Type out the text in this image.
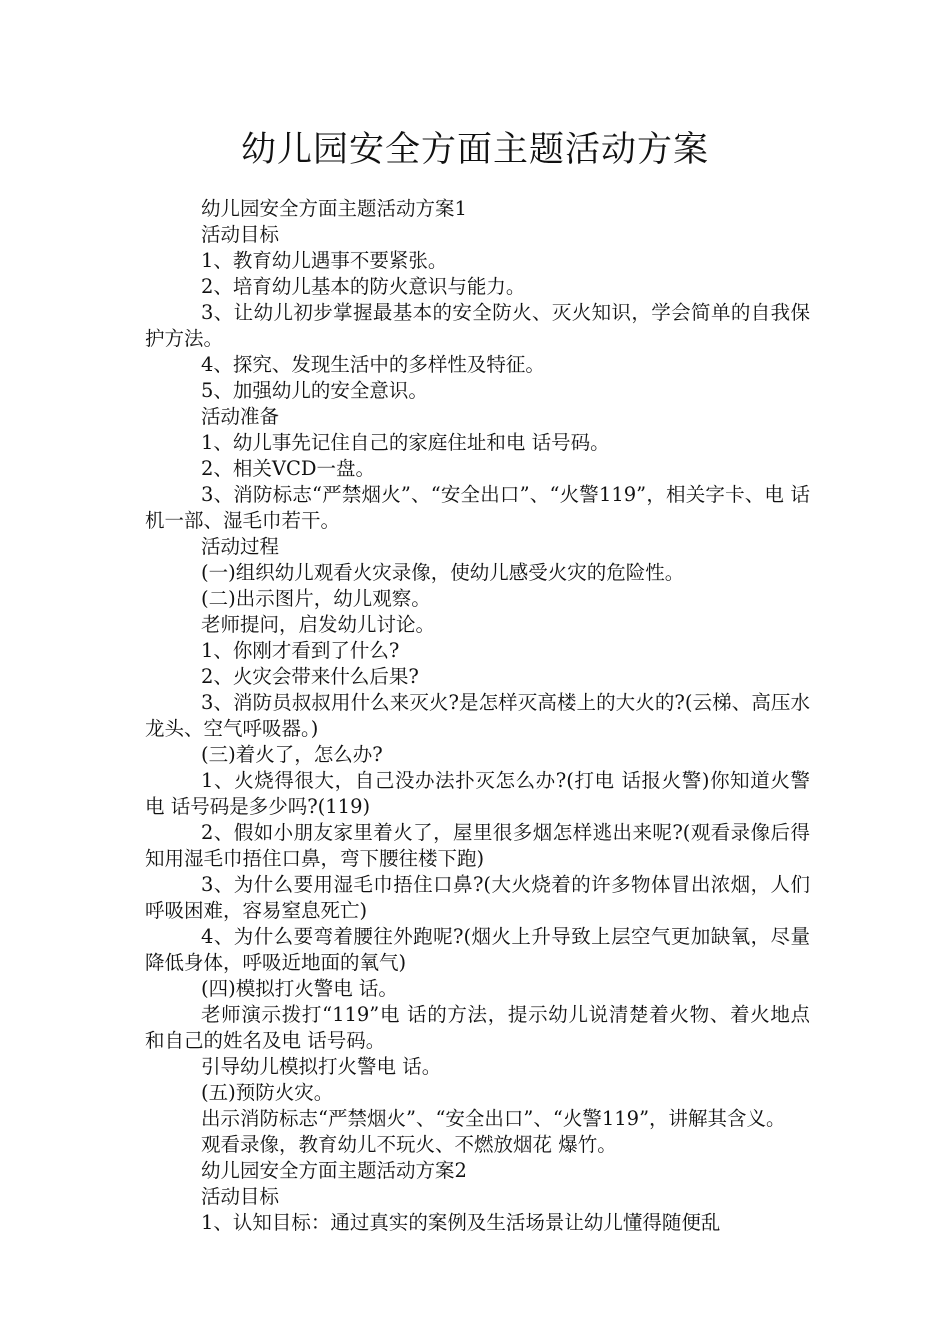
幼儿园安全方面主题活动方案

幼儿园安全方面主题活动方案1

活动目标

1、教育幼儿遇事不要紧张。

2、培育幼儿基本的防火意识与能力。

3、让幼儿初步掌握最基本的安全防火、灭火知识，学会简单的自我保护方法。

4、探究、发现生活中的多样性及特征。

5、加强幼儿的安全意识。

活动准备

1、幼儿事先记住自己的家庭住址和电 话号码。

2、相关VCD一盘。

3、消防标志“严禁烟火”、“安全出口”、“火警119”，相关字卡、电 话机一部、湿毛巾若干。

活动过程

(一)组织幼儿观看火灾录像，使幼儿感受火灾的危险性。

(二)出示图片，幼儿观察。

老师提问，启发幼儿讨论。

1、你刚才看到了什么?

2、火灾会带来什么后果?

3、消防员叔叔用什么来灭火?是怎样灭高楼上的大火的?(云梯、高压水龙头、空气呼吸器。)

(三)着火了，怎么办?

1、火烧得很大，自己没办法扑灭怎么办?(打电 话报火警)你知道火警电 话号码是多少吗?(119)

2、假如小朋友家里着火了，屋里很多烟怎样逃出来呢?(观看录像后得知用湿毛巾捂住口鼻，弯下腰往楼下跑)

3、为什么要用湿毛巾捂住口鼻?(大火烧着的许多物体冒出浓烟，人们呼吸困难，容易窒息死亡)

4、为什么要弯着腰往外跑呢?(烟火上升导致上层空气更加缺氧，尽量降低身体，呼吸近地面的氧气)

(四)模拟打火警电 话。

老师演示拨打“119”电 话的方法，提示幼儿说清楚着火物、着火地点和自己的姓名及电 话号码。

引导幼儿模拟打火警电 话。

(五)预防火灾。

出示消防标志“严禁烟火”、“安全出口”、“火警119”，讲解其含义。

观看录像，教育幼儿不玩火、不燃放烟花 爆竹。

幼儿园安全方面主题活动方案2

活动目标

1、认知目标：通过真实的案例及生活场景让幼儿懂得随便乱
